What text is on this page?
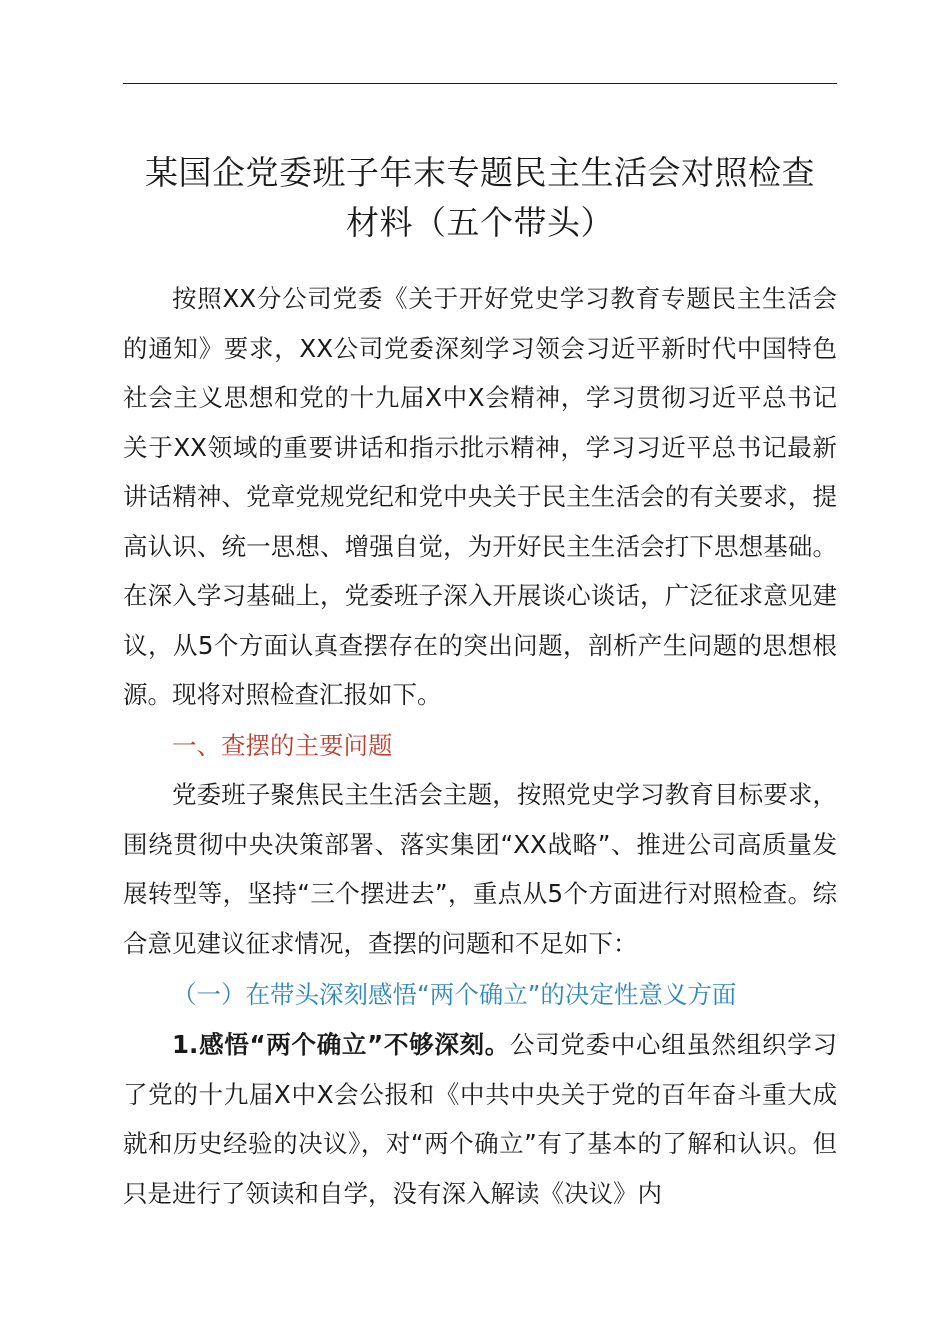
某国企党委班子年末专题民主生活会对照检查
材料（五个带头）

按照XX分公司党委《关于开好党史学习教育专题民主生活会的通知》要求，XX公司党委深刻学习领会习近平新时代中国特色社会主义思想和党的十九届X中X会精神，学习贯彻习近平总书记关于XX领域的重要讲话和指示批示精神，学习习近平总书记最新讲话精神、党章党规党纪和党中央关于民主生活会的有关要求，提高认识、统一思想、增强自觉，为开好民主生活会打下思想基础。在深入学习基础上，党委班子深入开展谈心谈话，广泛征求意见建议，从5个方面认真查摆存在的突出问题，剖析产生问题的思想根源。现将对照检查汇报如下。

一、查摆的主要问题

党委班子聚焦民主生活会主题，按照党史学习教育目标要求，围绕贯彻中央决策部署、落实集团“XX战略”、推进公司高质量发展转型等，坚持“三个摆进去”，重点从5个方面进行对照检查。综合意见建议征求情况，查摆的问题和不足如下：

（一）在带头深刻感悟“两个确立”的决定性意义方面

1.感悟“两个确立”不够深刻。公司党委中心组虽然组织学习了党的十九届X中X会公报和《中共中央关于党的百年奋斗重大成就和历史经验的决议》，对“两个确立”有了基本的了解和认识。但只是进行了领读和自学，没有深入解读《决议》内
